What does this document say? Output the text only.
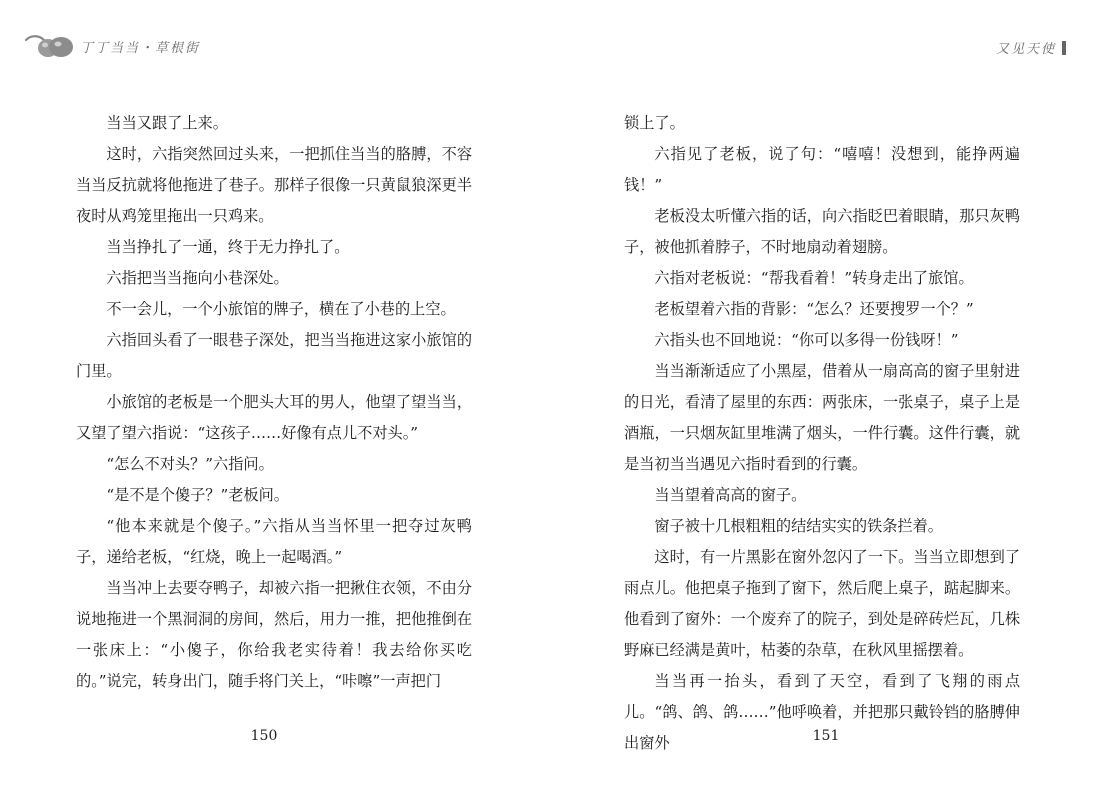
丁丁当当・草根街

当当又跟了上来。

这时，六指突然回过头来，一把抓住当当的胳膊，不容当当反抗就将他拖进了巷子。那样子很像一只黄鼠狼深更半夜时从鸡笼里拖出一只鸡来。

当当挣扎了一通，终于无力挣扎了。

六指把当当拖向小巷深处。

不一会儿，一个小旅馆的牌子，横在了小巷的上空。

六指回头看了一眼巷子深处，把当当拖进这家小旅馆的门里。

小旅馆的老板是一个肥头大耳的男人，他望了望当当，又望了望六指说：“这孩子……好像有点儿不对头。”

“怎么不对头？”六指问。

“是不是个傻子？”老板问。

“他本来就是个傻子。”六指从当当怀里一把夺过灰鸭子，递给老板，“红烧，晚上一起喝酒。”

当当冲上去要夺鸭子，却被六指一把揪住衣领，不由分说地拖进一个黑洞洞的房间，然后，用力一推，把他推倒在一张床上：“小傻子，你给我老实待着！我去给你买吃的。”说完，转身出门，随手将门关上，“咔嚓”一声把门

150
又见天使

锁上了。

六指见了老板，说了句：“嘻嘻！没想到，能挣两遍钱！”

老板没太听懂六指的话，向六指眨巴着眼睛，那只灰鸭子，被他抓着脖子，不时地扇动着翅膀。

六指对老板说：“帮我看着！”转身走出了旅馆。

老板望着六指的背影：“怎么？还要搜罗一个？”

六指头也不回地说：“你可以多得一份钱呀！”

当当渐渐适应了小黑屋，借着从一扇高高的窗子里射进的日光，看清了屋里的东西：两张床，一张桌子，桌子上是酒瓶，一只烟灰缸里堆满了烟头，一件行囊。这件行囊，就是当初当当遇见六指时看到的行囊。

当当望着高高的窗子。

窗子被十几根粗粗的结结实实的铁条拦着。

这时，有一片黑影在窗外忽闪了一下。当当立即想到了雨点儿。他把桌子拖到了窗下，然后爬上桌子，踮起脚来。他看到了窗外：一个废弃了的院子，到处是碎砖烂瓦，几株野麻已经满是黄叶，枯萎的杂草，在秋风里摇摆着。

当当再一抬头，看到了天空，看到了飞翔的雨点儿。“鸽、鸽、鸽……”他呼唤着，并把那只戴铃铛的胳膊伸出窗外	151
